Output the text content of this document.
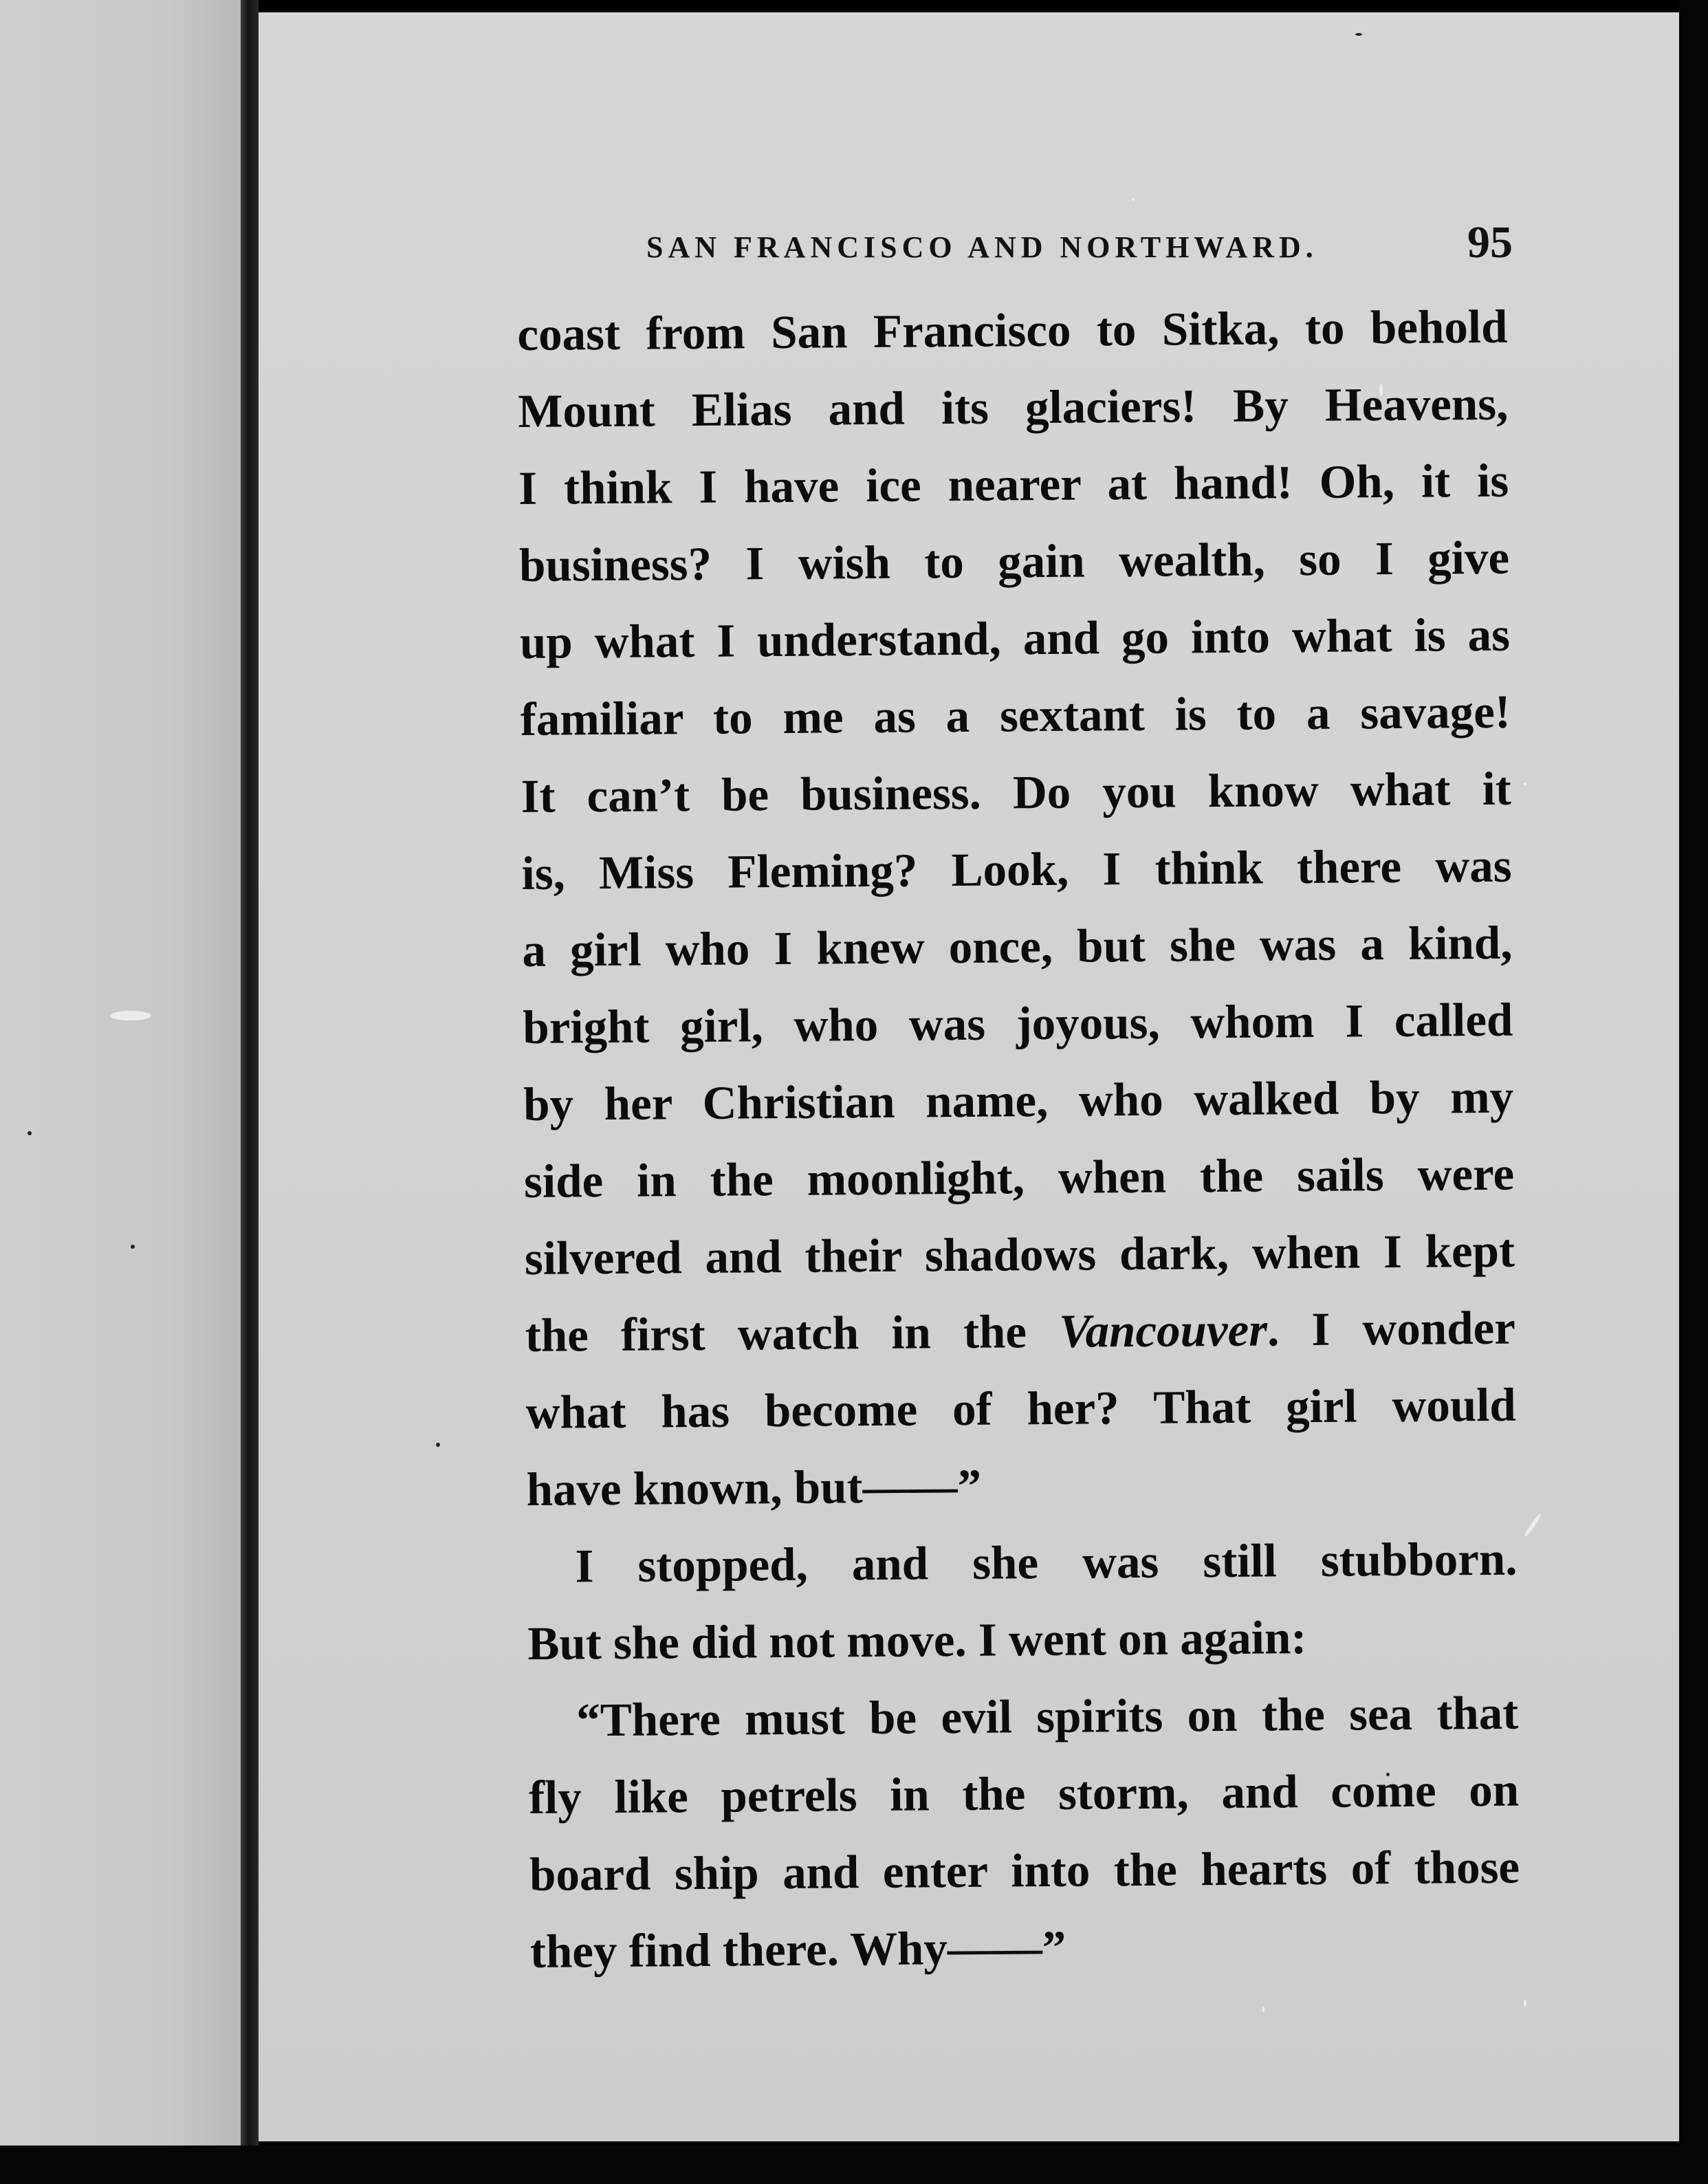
SAN FRANCISCO AND NORTHWARD.	95
coast from San Francisco to Sitka, to behold
Mount Elias and its glaciers! By Heavens,
I think I have ice nearer at hand! Oh, it is
business? I wish to gain wealth, so I give
up what I understand, and go into what is as
familiar to me as a sextant is to a savage!
It can’t be business. Do you know what it
is, Miss Fleming? Look, I think there was
a girl who I knew once, but she was a kind,
bright girl, who was joyous, whom I called
by her Christian name, who walked by my
side in the moonlight, when the sails were
silvered and their shadows dark, when I kept
the first watch in the Vancouver. I wonder
what has become of her? That girl would
have known, but——”
I stopped, and she was still stubborn.
But she did not move. I went on again:
“There must be evil spirits on the sea that
fly like petrels in the storm, and come on
board ship and enter into the hearts of those
they find there. Why——”
